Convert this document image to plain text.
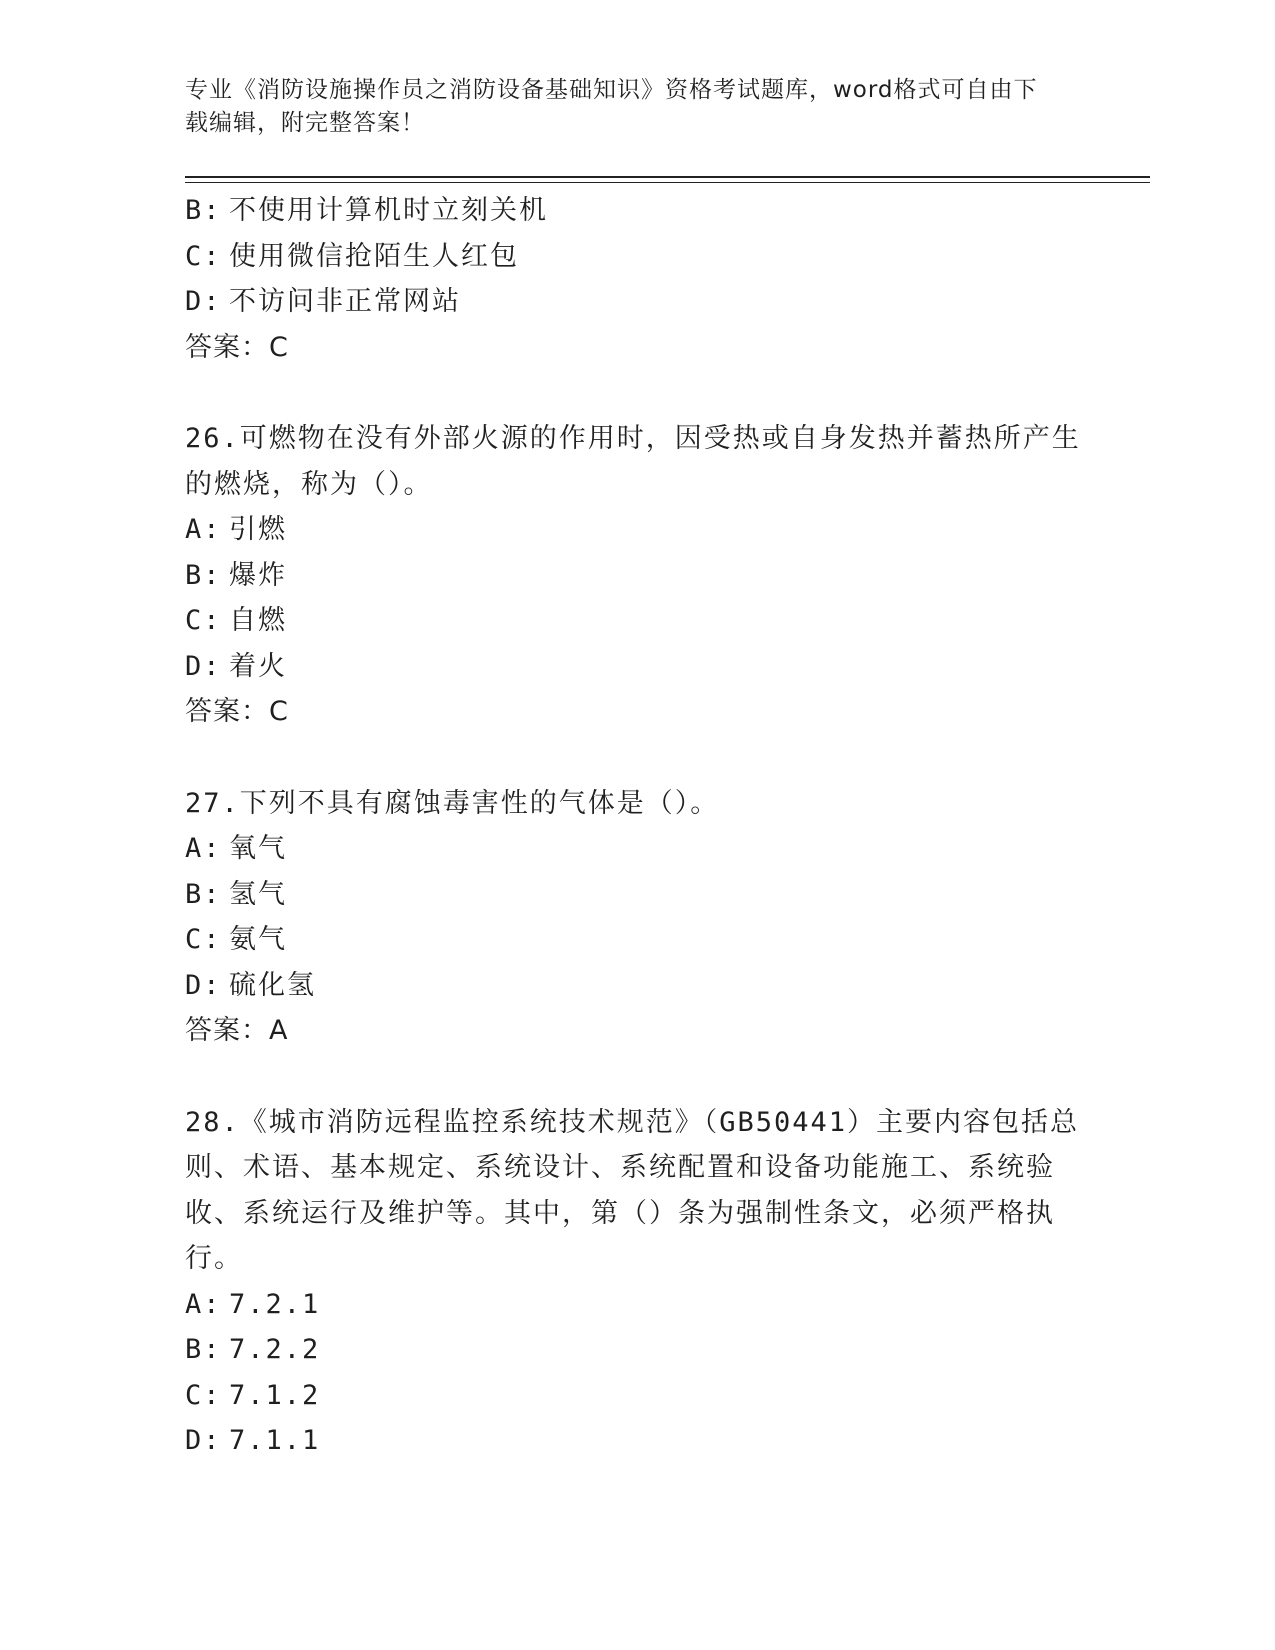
专业《消防设施操作员之消防设备基础知识》资格考试题库，word格式可自由下
载编辑，附完整答案！
B: 不使用计算机时立刻关机
C: 使用微信抢陌生人红包
D: 不访问非正常网站
答案：C
26.可燃物在没有外部火源的作用时，因受热或自身发热并蓄热所产生
的燃烧，称为（）。
A: 引燃
B: 爆炸
C: 自燃
D: 着火
答案：C
27.下列不具有腐蚀毒害性的气体是（）。
A: 氧气
B: 氢气
C: 氨气
D: 硫化氢
答案：A
28.《城市消防远程监控系统技术规范》（GB50441）主要内容包括总
则、术语、基本规定、系统设计、系统配置和设备功能施工、系统验
收、系统运行及维护等。其中，第（）条为强制性条文，必须严格执
行。
A: 7.2.1
B: 7.2.2
C: 7.1.2
D: 7.1.1
